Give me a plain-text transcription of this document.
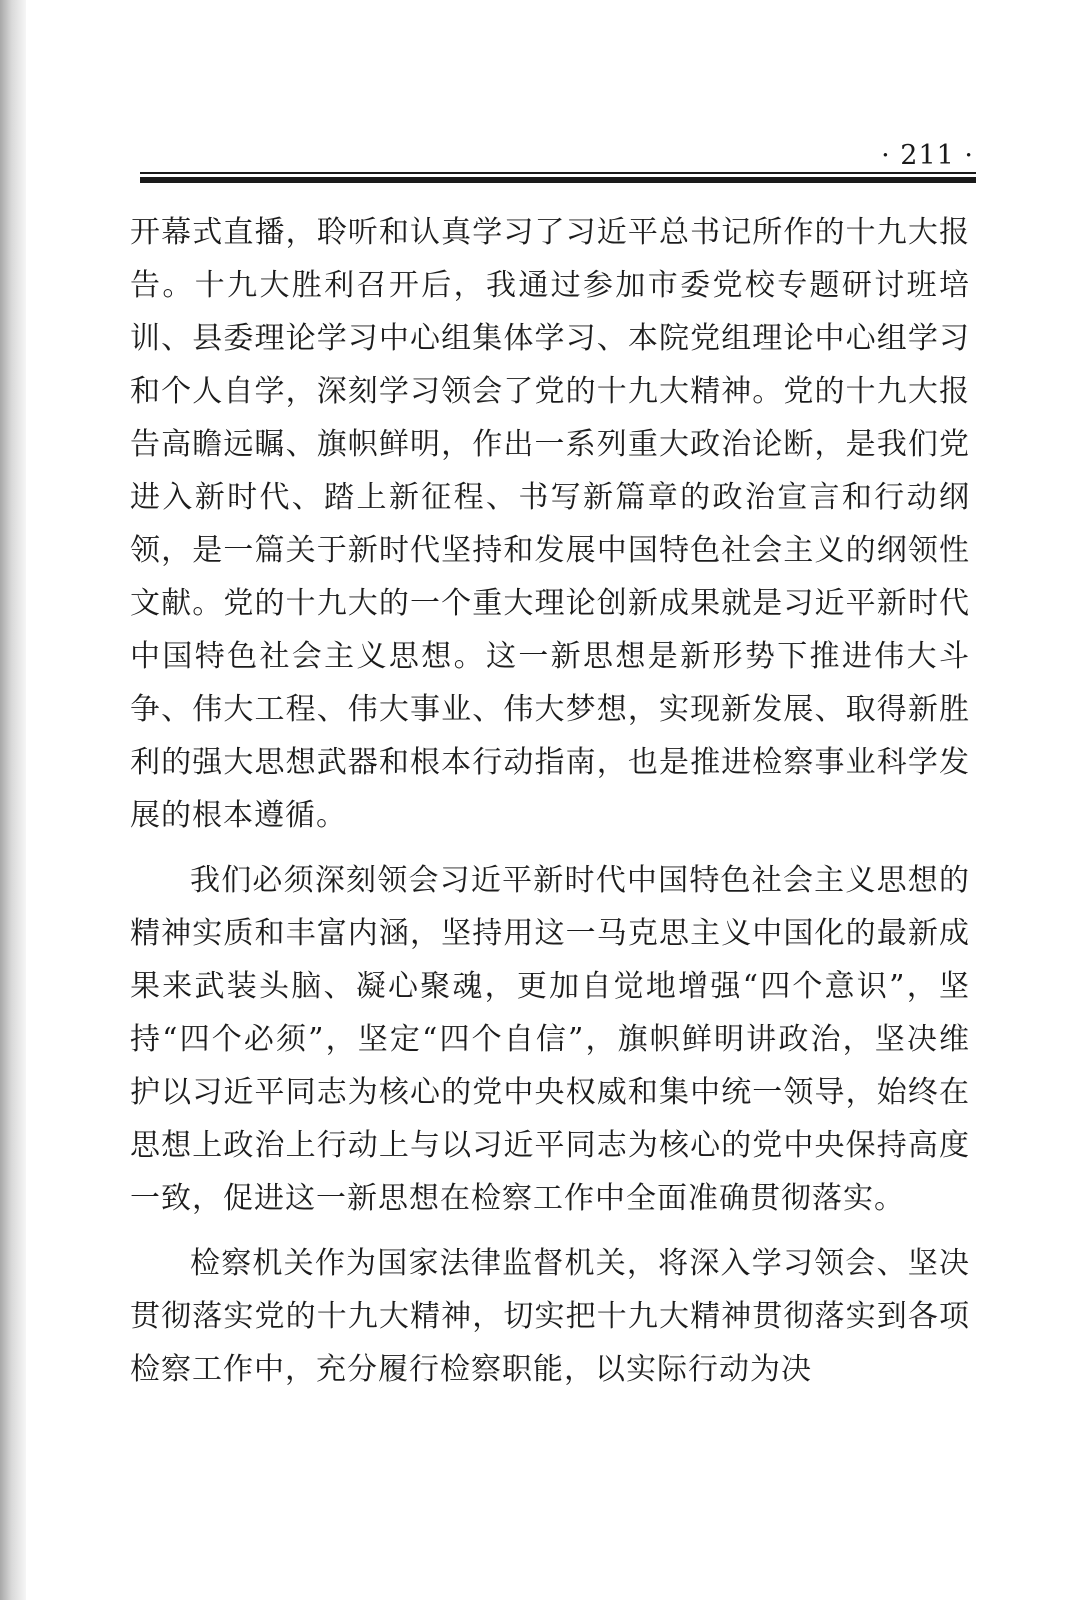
· 211 ·

开幕式直播，聆听和认真学习了习近平总书记所作的十九大报告。十九大胜利召开后，我通过参加市委党校专题研讨班培训、县委理论学习中心组集体学习、本院党组理论中心组学习和个人自学，深刻学习领会了党的十九大精神。党的十九大报告高瞻远瞩、旗帜鲜明，作出一系列重大政治论断，是我们党进入新时代、踏上新征程、书写新篇章的政治宣言和行动纲领，是一篇关于新时代坚持和发展中国特色社会主义的纲领性文献。党的十九大的一个重大理论创新成果就是习近平新时代中国特色社会主义思想。这一新思想是新形势下推进伟大斗争、伟大工程、伟大事业、伟大梦想，实现新发展、取得新胜利的强大思想武器和根本行动指南，也是推进检察事业科学发展的根本遵循。

我们必须深刻领会习近平新时代中国特色社会主义思想的精神实质和丰富内涵，坚持用这一马克思主义中国化的最新成果来武装头脑、凝心聚魂，更加自觉地增强“四个意识”，坚持“四个必须”，坚定“四个自信”，旗帜鲜明讲政治，坚决维护以习近平同志为核心的党中央权威和集中统一领导，始终在思想上政治上行动上与以习近平同志为核心的党中央保持高度一致，促进这一新思想在检察工作中全面准确贯彻落实。

检察机关作为国家法律监督机关，将深入学习领会、坚决贯彻落实党的十九大精神，切实把十九大精神贯彻落实到各项检察工作中，充分履行检察职能，以实际行动为决
